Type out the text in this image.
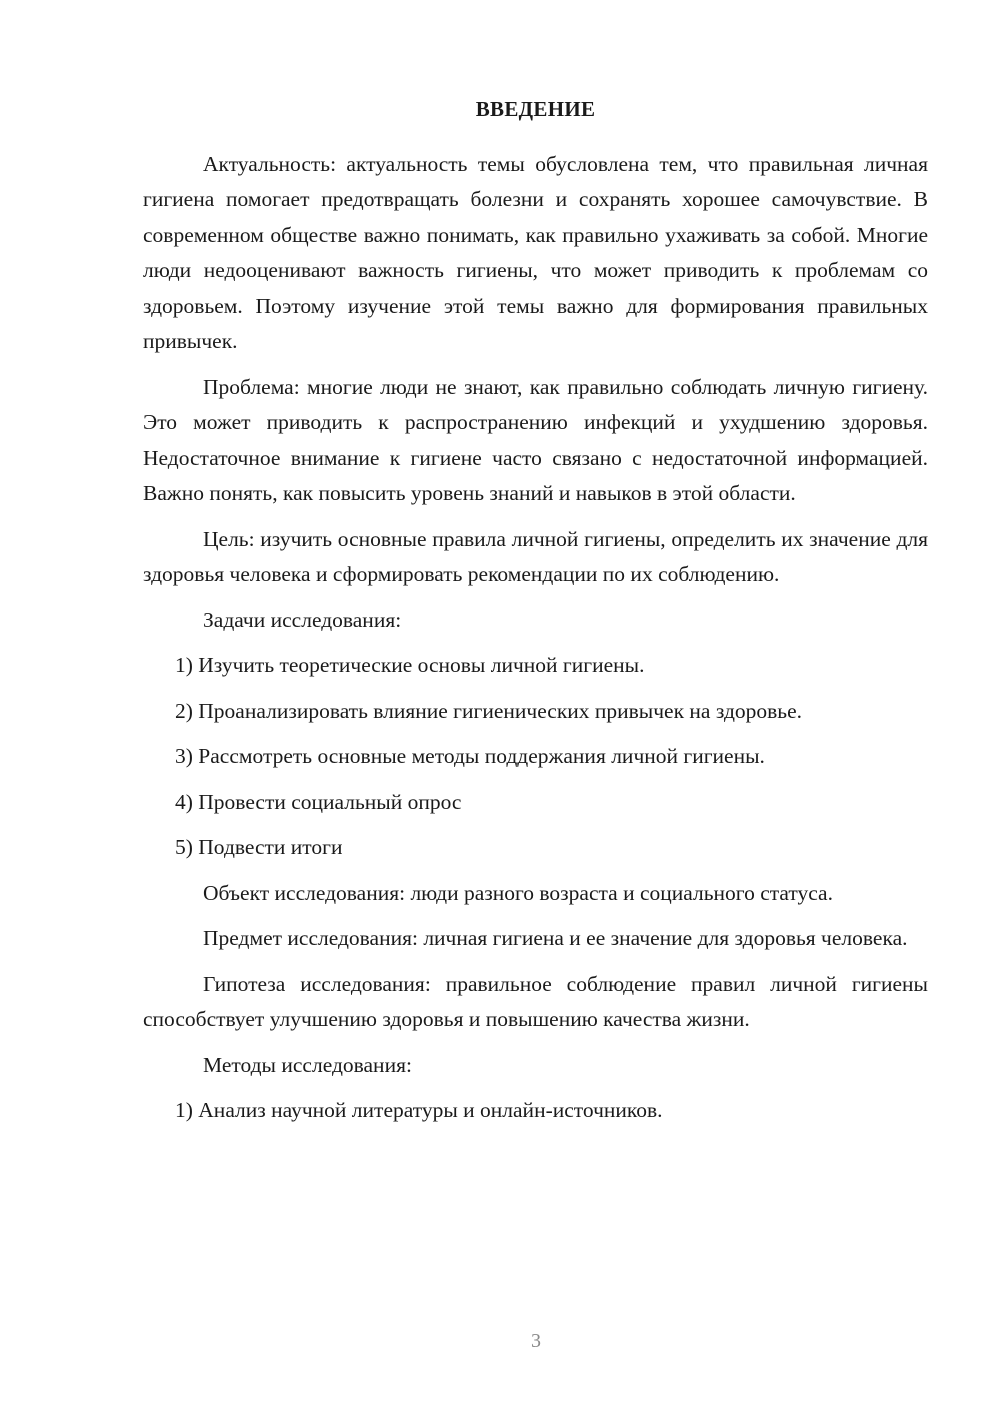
ВВЕДЕНИЕ

Актуальность: актуальность темы обусловлена тем, что правильная личная гигиена помогает предотвращать болезни и сохранять хорошее самочувствие. В современном обществе важно понимать, как правильно ухаживать за собой. Многие люди недооценивают важность гигиены, что может приводить к проблемам со здоровьем. Поэтому изучение этой темы важно для формирования правильных привычек.

Проблема: многие люди не знают, как правильно соблюдать личную гигиену. Это может приводить к распространению инфекций и ухудшению здоровья. Недостаточное внимание к гигиене часто связано с недостаточной информацией. Важно понять, как повысить уровень знаний и навыков в этой области.

Цель: изучить основные правила личной гигиены, определить их значение для здоровья человека и сформировать рекомендации по их соблюдению.

Задачи исследования:

1) Изучить теоретические основы личной гигиены.

2) Проанализировать влияние гигиенических привычек на здоровье.

3) Рассмотреть основные методы поддержания личной гигиены.

4) Провести социальный опрос

5) Подвести итоги

Объект исследования: люди разного возраста и социального статуса.

Предмет исследования: личная гигиена и ее значение для здоровья человека.

Гипотеза исследования: правильное соблюдение правил личной гигиены способствует улучшению здоровья и повышению качества жизни.

Методы исследования:

1) Анализ научной литературы и онлайн-источников.

3
